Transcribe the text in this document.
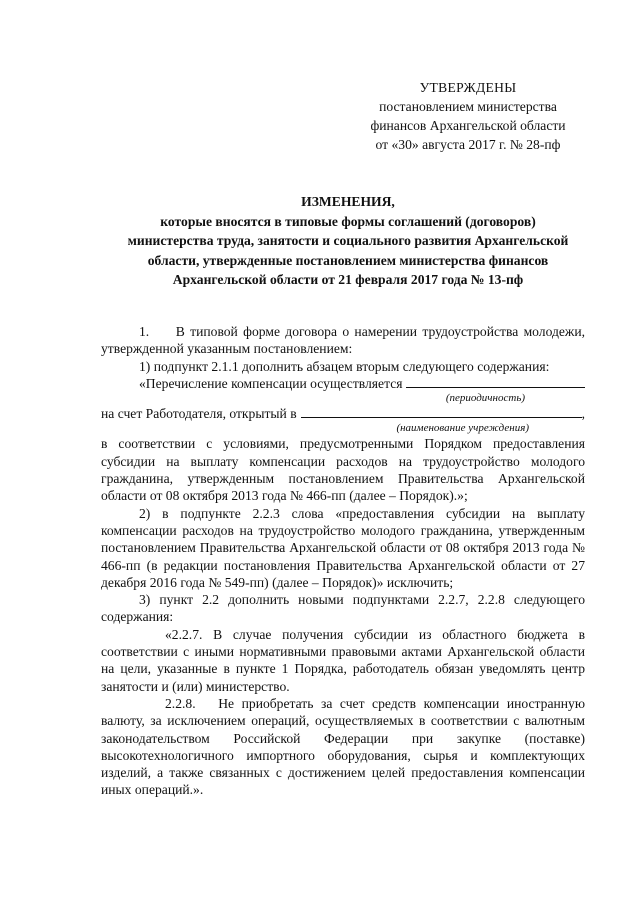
УТВЕРЖДЕНЫ
постановлением министерства
финансов Архангельской области
от «30» августа 2017 г. № 28-пф
ИЗМЕНЕНИЯ,
которые вносятся в типовые формы соглашений (договоров)
министерства труда, занятости и социального развития Архангельской
области, утвержденные постановлением министерства финансов
Архангельской области от 21 февраля 2017 года № 13-пф

1.     В типовой форме договора о намерении трудоустройства молодежи, утвержденной указанным постановлением:

1) подпункт 2.1.1 дополнить абзацем вторым следующего содержания:

«Перечисление компенсации осуществляется
(периодичность)
на счет Работодателя, открытый в	,
(наименование учреждения)

в соответствии с условиями, предусмотренными Порядком предоставления субсидии на выплату компенсации расходов на трудоустройство молодого гражданина, утвержденным постановлением Правительства Архангельской области от 08 октября 2013 года № 466-пп (далее – Порядок).»;

2) в подпункте 2.2.3 слова «предоставления субсидии на выплату компенсации расходов на трудоустройство молодого гражданина, утвержденным постановлением Правительства Архангельской области от 08 октября 2013 года № 466-пп (в редакции постановления Правительства Архангельской области от 27 декабря 2016 года № 549-пп) (далее – Порядок)» исключить;

3) пункт 2.2 дополнить новыми подпунктами 2.2.7, 2.2.8 следующего содержания:

«2.2.7. В случае получения субсидии из областного бюджета в соответствии с иными нормативными правовыми актами Архангельской области на цели, указанные в пункте 1 Порядка, работодатель обязан уведомлять центр занятости и (или) министерство.

2.2.8.   Не приобретать за счет средств компенсации иностранную валюту, за исключением операций, осуществляемых в соответствии с валютным законодательством Российской Федерации при закупке (поставке) высокотехнологичного импортного оборудования, сырья и комплектующих изделий, а также связанных с достижением целей предоставления компенсации иных операций.».
